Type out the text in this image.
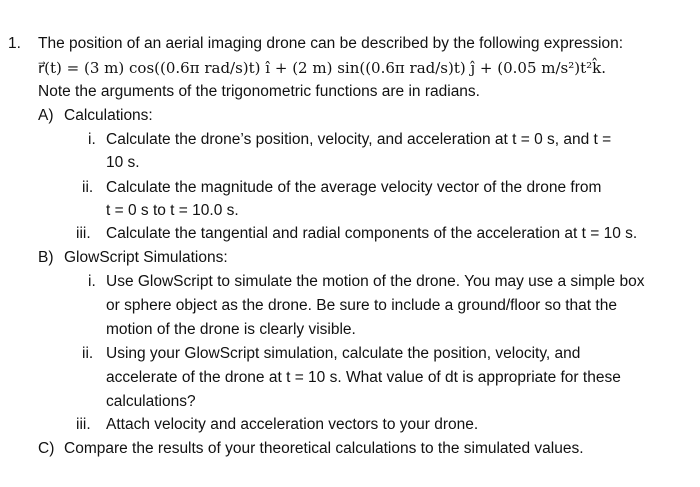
1. The position of an aerial imaging drone can be described by the following expression:
r⃗(t) = (3 m) cos((0.6π rad/s)t) î + (2 m) sin((0.6π rad/s)t) ĵ + (0.05 m/s²)t²k̂.
Note the arguments of the trigonometric functions are in radians.
A) Calculations:
i. Calculate the drone’s position, velocity, and acceleration at t = 0 s, and t =
10 s.
ii. Calculate the magnitude of the average velocity vector of the drone from
t = 0 s to t = 10.0 s.
iii. Calculate the tangential and radial components of the acceleration at t = 10 s.
B) GlowScript Simulations:
i. Use GlowScript to simulate the motion of the drone. You may use a simple box
or sphere object as the drone. Be sure to include a ground/floor so that the
motion of the drone is clearly visible.
ii. Using your GlowScript simulation, calculate the position, velocity, and
accelerate of the drone at t = 10 s. What value of dt is appropriate for these
calculations?
iii. Attach velocity and acceleration vectors to your drone.
C) Compare the results of your theoretical calculations to the simulated values.
